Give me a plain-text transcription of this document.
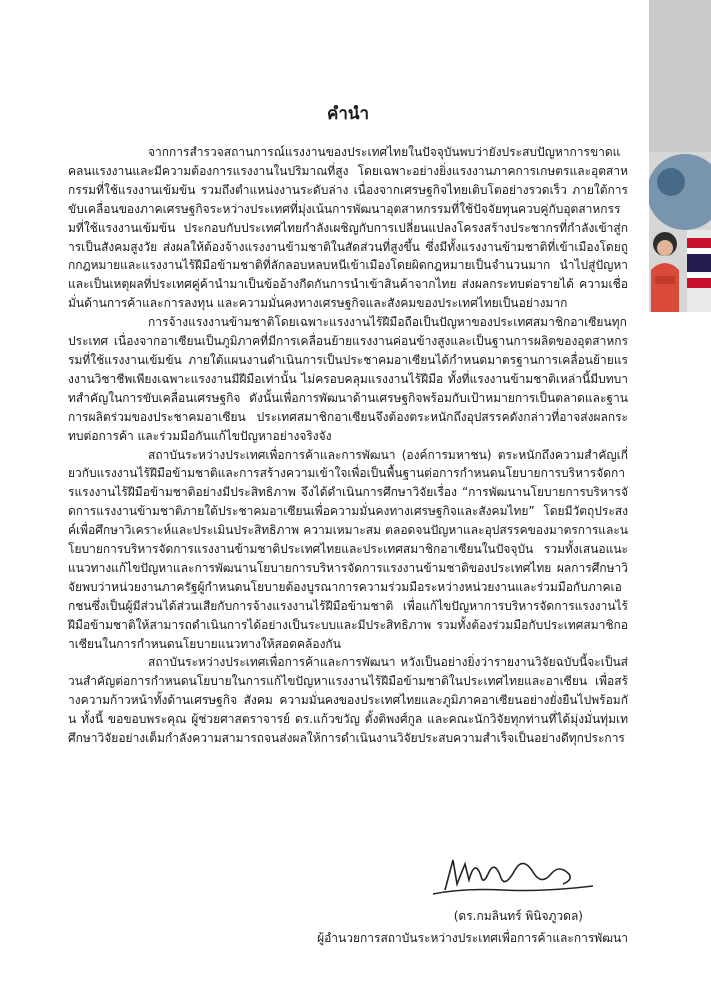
คำนำ

จากการสำรวจสถานการณ์แรงงานของประเทศไทยในปัจจุบันพบว่ายังประสบปัญหาการขาดแคลนแรงงานและมีความต้องการแรงงานในปริมาณที่สูง โดยเฉพาะอย่างยิ่งแรงงานภาคการเกษตรและอุตสาหกรรมที่ใช้แรงงานเข้มข้น รวมถึงตำแหน่งงานระดับล่าง เนื่องจากเศรษฐกิจไทยเติบโตอย่างรวดเร็ว ภายใต้การขับเคลื่อนของภาคเศรษฐกิจระหว่างประเทศที่มุ่งเน้นการพัฒนาอุตสาหกรรมที่ใช้ปัจจัยทุนควบคู่กับอุตสาหกรรมที่ใช้แรงงานเข้มข้น ประกอบกับประเทศไทยกำลังเผชิญกับการเปลี่ยนแปลงโครงสร้างประชากรที่กำลังเข้าสู่การเป็นสังคมสูงวัย ส่งผลให้ต้องจ้างแรงงานข้ามชาติในสัดส่วนที่สูงขึ้น ซึ่งมีทั้งแรงงานข้ามชาติที่เข้าเมืองโดยถูกกฎหมายและแรงงานไร้ฝีมือข้ามชาติที่ลักลอบหลบหนีเข้าเมืองโดยผิดกฎหมายเป็นจำนวนมาก นำไปสู่ปัญหาและเป็นเหตุผลที่ประเทศคู่ค้านำมาเป็นข้ออ้างกีดกันการนำเข้าสินค้าจากไทย ส่งผลกระทบต่อรายได้ ความเชื่อมั่นด้านการค้าและการลงทุน และความมั่นคงทางเศรษฐกิจและสังคมของประเทศไทยเป็นอย่างมาก

การจ้างแรงงานข้ามชาติโดยเฉพาะแรงงานไร้ฝีมือถือเป็นปัญหาของประเทศสมาชิกอาเซียนทุกประเทศ เนื่องจากอาเซียนเป็นภูมิภาคที่มีการเคลื่อนย้ายแรงงานค่อนข้างสูงและเป็นฐานการผลิตของอุตสาหกรรมที่ใช้แรงงานเข้มข้น ภายใต้แผนงานดำเนินการเป็นประชาคมอาเซียนได้กำหนดมาตรฐานการเคลื่อนย้ายแรงงานวิชาชีพเพียงเฉพาะแรงงานมีฝีมือเท่านั้น ไม่ครอบคลุมแรงงานไร้ฝีมือ ทั้งที่แรงงานข้ามชาติเหล่านี้มีบทบาทสำคัญในการขับเคลื่อนเศรษฐกิจ ดังนั้นเพื่อการพัฒนาด้านเศรษฐกิจพร้อมกับเป้าหมายการเป็นตลาดและฐานการผลิตร่วมของประชาคมอาเซียน ประเทศสมาชิกอาเซียนจึงต้องตระหนักถึงอุปสรรคดังกล่าวที่อาจส่งผลกระทบต่อการค้า และร่วมมือกันแก้ไขปัญหาอย่างจริงจัง

สถาบันระหว่างประเทศเพื่อการค้าและการพัฒนา (องค์การมหาชน) ตระหนักถึงความสำคัญเกี่ยวกับแรงงานไร้ฝีมือข้ามชาติและการสร้างความเข้าใจเพื่อเป็นพื้นฐานต่อการกำหนดนโยบายการบริหารจัดการแรงงานไร้ฝีมือข้ามชาติอย่างมีประสิทธิภาพ จึงได้ดำเนินการศึกษาวิจัยเรื่อง “การพัฒนานโยบายการบริหารจัดการแรงงานข้ามชาติภายใต้ประชาคมอาเซียนเพื่อความมั่นคงทางเศรษฐกิจและสังคมไทย” โดยมีวัตถุประสงค์เพื่อศึกษาวิเคราะห์และประเมินประสิทธิภาพ ความเหมาะสม ตลอดจนปัญหาและอุปสรรคของมาตรการและนโยบายการบริหารจัดการแรงงานข้ามชาติประเทศไทยและประเทศสมาชิกอาเซียนในปัจจุบัน รวมทั้งเสนอแนะแนวทางแก้ไขปัญหาและการพัฒนานโยบายการบริหารจัดการแรงงานข้ามชาติของประเทศไทย ผลการศึกษาวิจัยพบว่าหน่วยงานภาครัฐผู้กำหนดนโยบายต้องบูรณาการความร่วมมือระหว่างหน่วยงานและร่วมมือกับภาคเอกชนซึ่งเป็นผู้มีส่วนได้ส่วนเสียกับการจ้างแรงงานไร้ฝีมือข้ามชาติ เพื่อแก้ไขปัญหาการบริหารจัดการแรงงานไร้ฝีมือข้ามชาติให้สามารถดำเนินการได้อย่างเป็นระบบและมีประสิทธิภาพ รวมทั้งต้องร่วมมือกับประเทศสมาชิกอาเซียนในการกำหนดนโยบายแนวทางให้สอดคล้องกัน

สถาบันระหว่างประเทศเพื่อการค้าและการพัฒนา หวังเป็นอย่างยิ่งว่ารายงานวิจัยฉบับนี้จะเป็นส่วนสำคัญต่อการกำหนดนโยบายในการแก้ไขปัญหาแรงงานไร้ฝีมือข้ามชาติในประเทศไทยและอาเซียน เพื่อสร้างความก้าวหน้าทั้งด้านเศรษฐกิจ สังคม ความมั่นคงของประเทศไทยและภูมิภาคอาเซียนอย่างยั่งยืนไปพร้อมกัน ทั้งนี้ ขอขอบพระคุณ ผู้ช่วยศาสตราจารย์ ดร.แก้วขวัญ ตั้งติพงศ์กูล และคณะนักวิจัยทุกท่านที่ได้มุ่งมั่นทุ่มเทศึกษาวิจัยอย่างเต็มกำลังความสามารถจนส่งผลให้การดำเนินงานวิจัยประสบความสำเร็จเป็นอย่างดีทุกประการ

(ดร.กมลินทร์ พินิจภูวดล)
ผู้อำนวยการสถาบันระหว่างประเทศเพื่อการค้าและการพัฒนา
